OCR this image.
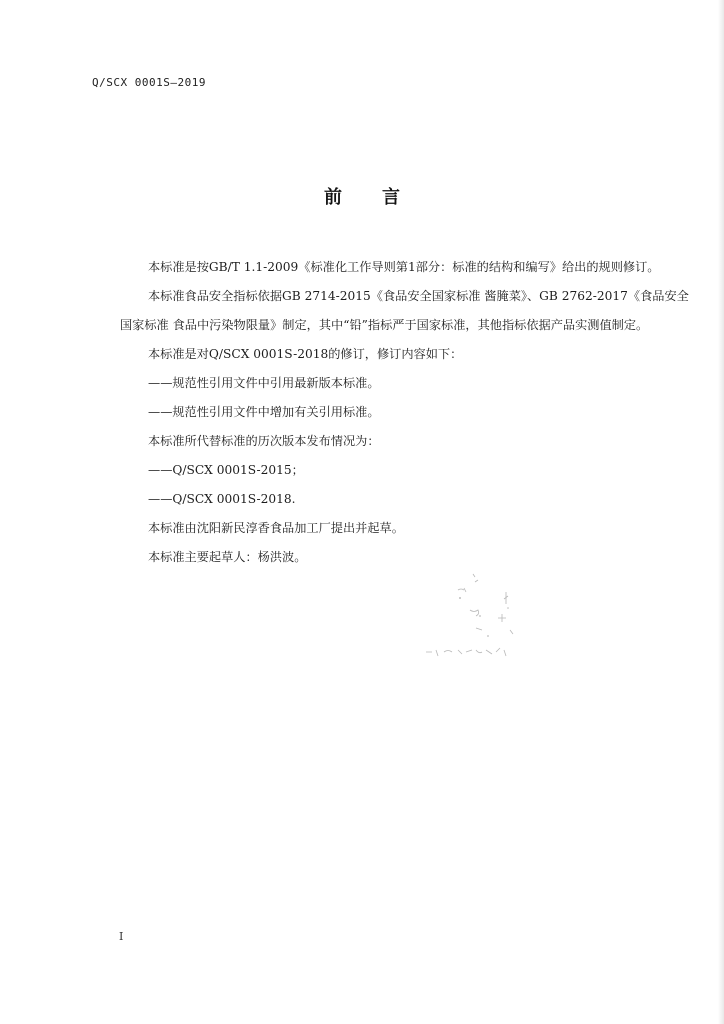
Q/SCX 0001S—2019
前言

本标准是按GB/T 1.1-2009《标准化工作导则第1部分：标准的结构和编写》给出的规则修订。

本标准食品安全指标依据GB 2714-2015《食品安全国家标准 酱腌菜》、GB 2762-2017《食品安全

国家标准 食品中污染物限量》制定，其中“铅”指标严于国家标准，其他指标依据产品实测值制定。

本标准是对Q/SCX 0001S-2018的修订，修订内容如下：

——规范性引用文件中引用最新版本标准。

——规范性引用文件中增加有关引用标准。

本标准所代替标准的历次版本发布情况为：

——Q/SCX 0001S-2015；

——Q/SCX 0001S-2018.

本标准由沈阳新民淳香食品加工厂提出并起草。

本标准主要起草人：杨洪波。

I
